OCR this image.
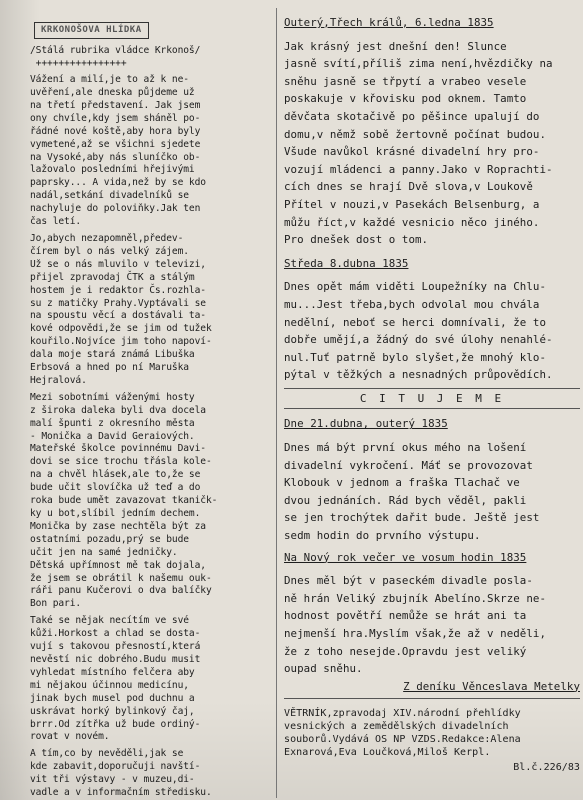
KRKONOŠOVA HLÍDKA
/Stálá rubrika vládce Krkonoš/
++++++++++++++++

Vážení a milí,je to až k ne-
uvěření,ale dneska půjdeme už
na třetí představení. Jak jsem
ony chvíle,kdy jsem sháněl po-
řádné nové koště,aby hora byly
vymetené,až se všichni sjedete
na Vysoké,aby nás sluníčko ob-
lažovalo posledními hřejivými
paprsky... A vida,než by se kdo
nadál,setkání divadelníků se
nachyluje do poloviňky.Jak ten
čas letí.

Jo,abych nezapomněl,předev-
čírem byl o nás velký zájem.
Už se o nás mluvilo v televizi,
přijel zpravodaj ČTK a stálým
hostem je i redaktor Čs.rozhla-
su z matičky Prahy.Vyptávali se
na spoustu věcí a dostávali ta-
kové odpovědi,že se jim od tužek
kouřilo.Nojvíce jim toho napoví-
dala moje stará známá Libuška
Erbsová a hned po ní Maruška
Hejralová.

Mezi sobotními váženými hosty
z široka daleka byli dva docela
malí špunti z okresního města
- Monička a David Geraiových.
Mateřské školce povinnému Davi-
dovi se sice trochu třásla kole-
na a chvěl hlásek,ale to,že se
bude učit slovíčka už teď a do
roka bude umět zavazovat tkaničk-
ky u bot,slíbil jedním dechem.
Monička by zase nechtěla být za
ostatními pozadu,prý se bude
učit jen na samé jedničky.
Dětská upřímnost mě tak dojala,
že jsem se obrátil k našemu ouk-
ráři panu Kučerovi o dva balíčky
Bon pari.

Také se nějak necítím ve své
kůži.Horkost a chlad se dosta-
vují s takovou přesností,která
nevěstí nic dobrého.Budu musit
vyhledat místního felčera aby
mi nějakou účinnou medicínu,
jinak bych musel pod duchnu a
uskrávat horký bylinkový čaj,
brrr.Od zítřka už bude ordiný-
rovat v novém.

A tím,co by nevěděli,jak se
kde zabavit,doporučuji navští-
vit tři výstavy - v muzeu,di-
vadle a v informačním středisku.

Outerý,Třech králů, 6.ledna 1835

Jak krásný jest dnešní den! Slunce
jasně svítí,příliš zima není,hvězdičky na
sněhu jasně se třpytí a vrabeo vesele
poskakuje v křovisku pod oknem. Tamto
děvčata skotačivě po pěšince upalují do
domu,v němž sobě žertovně počínat budou.

Všude navůkol krásné divadelní hry pro-
vozují mládenci a panny.Jako v Roprachti-
cích dnes se hrají Dvě slova,v Loukově
Přítel v nouzi,v Pasekách Belsenburg, a
můžu říct,v každé vesnicio něco jiného.
Pro dnešek dost o tom.

Středa 8.dubna 1835

Dnes opět mám viděti Loupežníky na Chlu-
mu...Jest třeba,bych odvolal mou chvála
nedělní, neboť se herci domnívali, že to
dobře umějí,a žádný do své úlohy nenahlé-
nul.Tuť patrně bylo slyšet,že mnohý klo-
pýtal v těžkých a nesnadných průpovědích.

C I T U J E M E

Dne 21.dubna, outerý 1835

Dnes má být první okus mého na lošení
divadelní vykročení. Máť se provozovat
Klobouk v jednom a fraška Tlachač ve
dvou jednáních. Rád bych věděl, pakli
se jen trochýtek dařit bude. Ještě jest
sedm hodin do prvního výstupu.

Na Nový rok večer ve vosum hodin 1835

Dnes měl být v paseckém divadle posla-
ně hrán Veliký zbujník Abelíno.Skrze ne-
hodnost povětří nemůže se hrát ani ta
nejmenší hra.Myslím však,že až v neděli,
že z toho nesejde.Opravdu jest veliký
oupad sněhu.

Z deníku Věnceslava Metelky

VĚTRNÍK,zpravodaj XIV.národní přehlídky
vesnických a zemědělských divadelních
souborů.Vydává OS NP VZDS.Redakce:Alena
Exnarová,Eva Loučková,Miloš Kerpl.

Bl.č.226/83
